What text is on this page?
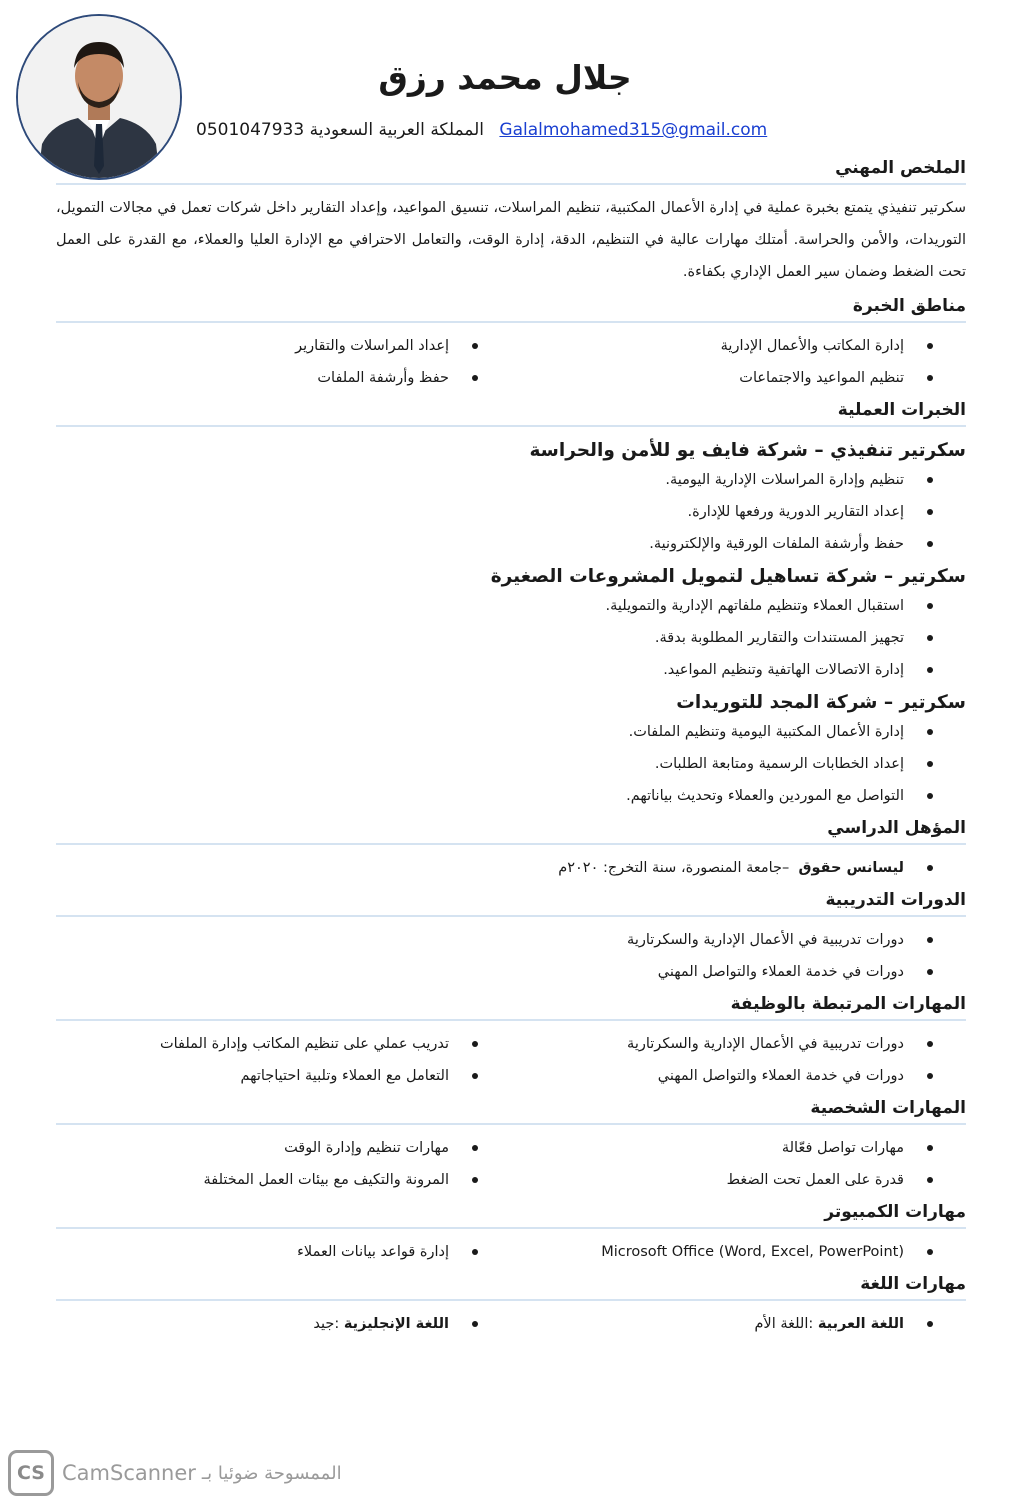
جلال محمد رزق
المملكة العربية السعودية 0501047933	Galalmohamed315@gmail.com
الملخص المهني

سكرتير تنفيذي يتمتع بخبرة عملية في إدارة الأعمال المكتبية، تنظيم المراسلات، تنسيق المواعيد، وإعداد التقارير داخل شركات تعمل في مجالات التمويل، التوريدات، والأمن والحراسة. أمتلك مهارات عالية في التنظيم، الدقة، إدارة الوقت، والتعامل الاحترافي مع الإدارة العليا والعملاء، مع القدرة على العمل تحت الضغط وضمان سير العمل الإداري بكفاءة.

مناطق الخبرة
إدارة المكاتب والأعمال الإدارية
تنظيم المواعيد والاجتماعات
إعداد المراسلات والتقارير
حفظ وأرشفة الملفات
الخبرات العملية
سكرتير تنفيذي – شركة فايف يو للأمن والحراسة
تنظيم وإدارة المراسلات الإدارية اليومية.
إعداد التقارير الدورية ورفعها للإدارة.
حفظ وأرشفة الملفات الورقية والإلكترونية.
سكرتير – شركة تساهيل لتمويل المشروعات الصغيرة
استقبال العملاء وتنظيم ملفاتهم الإدارية والتمويلية.
تجهيز المستندات والتقارير المطلوبة بدقة.
إدارة الاتصالات الهاتفية وتنظيم المواعيد.
سكرتير – شركة المجد للتوريدات
إدارة الأعمال المكتبية اليومية وتنظيم الملفات.
إعداد الخطابات الرسمية ومتابعة الطلبات.
التواصل مع الموردين والعملاء وتحديث بياناتهم.
المؤهل الدراسي
ليسانس حقوق  –جامعة المنصورة، سنة التخرج: ٢٠٢٠م
الدورات التدريبية
دورات تدريبية في الأعمال الإدارية والسكرتارية
دورات في خدمة العملاء والتواصل المهني
المهارات المرتبطة بالوظيفة
دورات تدريبية في الأعمال الإدارية والسكرتارية
دورات في خدمة العملاء والتواصل المهني
تدريب عملي على تنظيم المكاتب وإدارة الملفات
التعامل مع العملاء وتلبية احتياجاتهم
المهارات الشخصية
مهارات تواصل فعّالة
قدرة على العمل تحت الضغط
مهارات تنظيم وإدارة الوقت
المرونة والتكيف مع بيئات العمل المختلفة
مهارات الكمبيوتر
Microsoft Office (Word, Excel, PowerPoint)
إدارة قواعد بيانات العملاء
مهارات اللغة
اللغة العربية :اللغة الأم
اللغة الإنجليزية :جيد
CS CamScanner الممسوحة ضوئيا بـ
